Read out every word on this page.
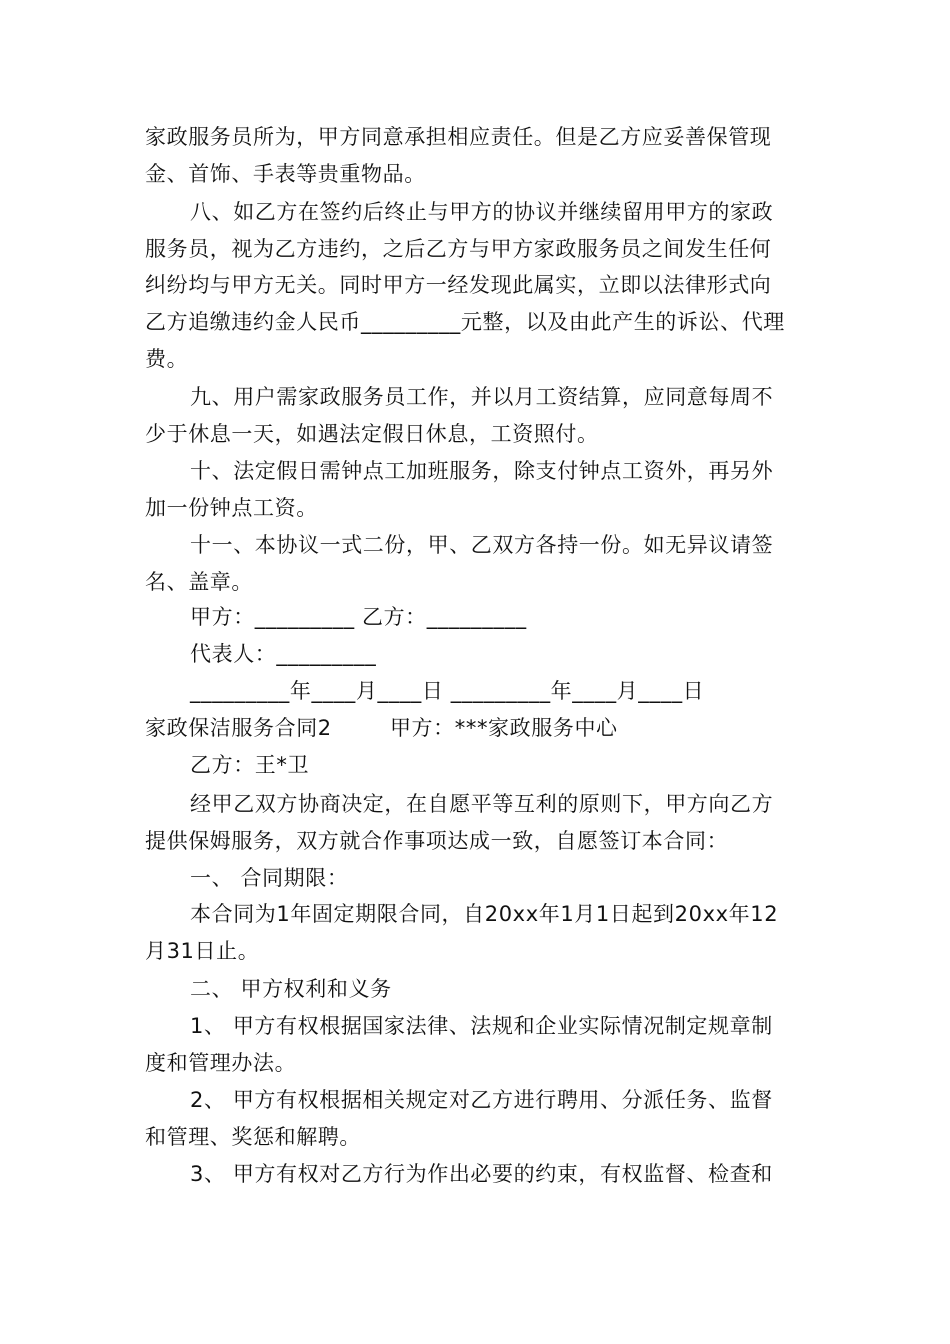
家政服务员所为，甲方同意承担相应责任。但是乙方应妥善保管现
金、首饰、手表等贵重物品。
八、如乙方在签约后终止与甲方的协议并继续留用甲方的家政
服务员，视为乙方违约，之后乙方与甲方家政服务员之间发生任何
纠纷均与甲方无关。同时甲方一经发现此属实，立即以法律形式向
乙方追缴违约金人民币_________元整，以及由此产生的诉讼、代理
费。
九、用户需家政服务员工作，并以月工资结算，应同意每周不
少于休息一天，如遇法定假日休息，工资照付。
十、法定假日需钟点工加班服务，除支付钟点工资外，再另外
加一份钟点工资。
十一、本协议一式二份，甲、乙双方各持一份。如无异议请签
名、盖章。
甲方：_________ 乙方：_________
代表人：_________
_________年____月____日 _________年____月____日
家政保洁服务合同2        甲方：***家政服务中心
乙方：王*卫
经甲乙双方协商决定，在自愿平等互利的原则下，甲方向乙方
提供保姆服务，双方就合作事项达成一致，自愿签订本合同：
一、 合同期限：
本合同为1年固定期限合同，自20xx年1月1日起到20xx年12
月31日止。
二、 甲方权利和义务
1、 甲方有权根据国家法律、法规和企业实际情况制定规章制
度和管理办法。
2、 甲方有权根据相关规定对乙方进行聘用、分派任务、监督
和管理、奖惩和解聘。
3、 甲方有权对乙方行为作出必要的约束，有权监督、检查和
